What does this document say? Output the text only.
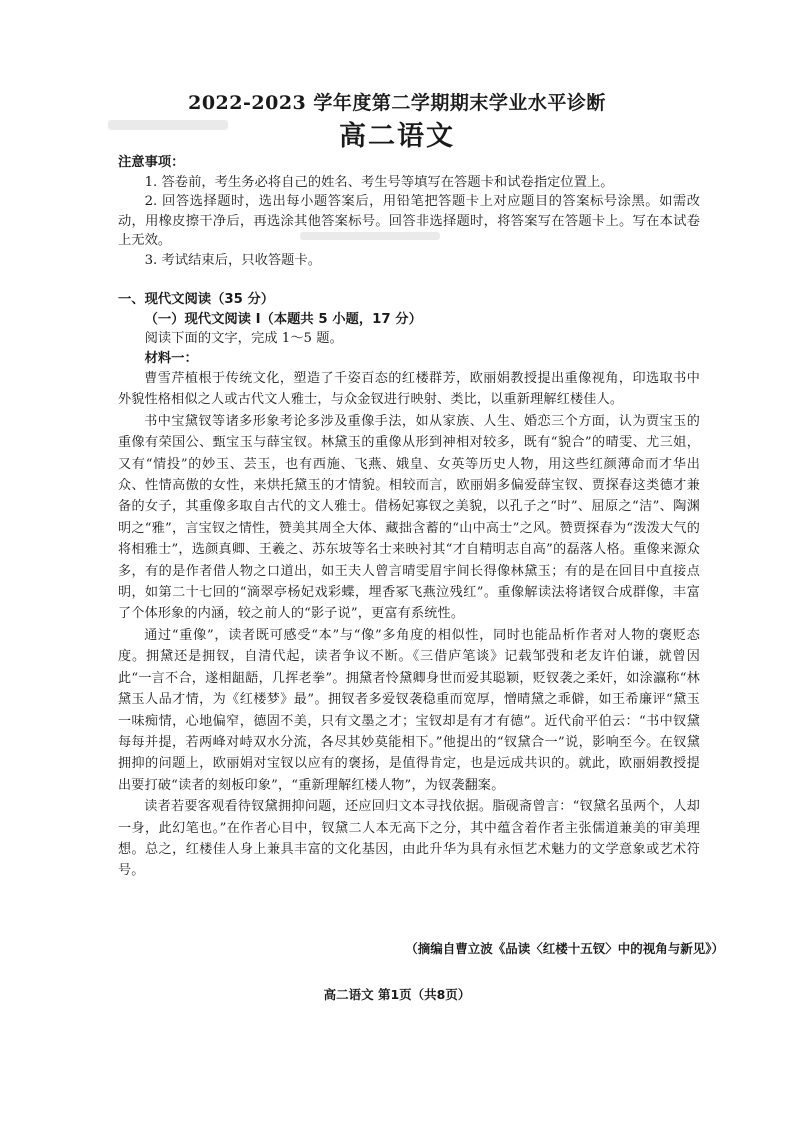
2022-2023 学年度第二学期期末学业水平诊断
高二语文
注意事项：

1. 答卷前，考生务必将自己的姓名、考生号等填写在答题卡和试卷指定位置上。

2. 回答选择题时，选出每小题答案后，用铅笔把答题卡上对应题目的答案标号涂黑。如需改动，用橡皮擦干净后，再选涂其他答案标号。回答非选择题时，将答案写在答题卡上。写在本试卷上无效。

3. 考试结束后，只收答题卡。

一、现代文阅读（35 分）

（一）现代文阅读 Ⅰ（本题共 5 小题，17 分）

阅读下面的文字，完成 1～5 题。

材料一：

曹雪芹植根于传统文化，塑造了千姿百态的红楼群芳，欧丽娟教授提出重像视角，印选取书中外貌性格相似之人或古代文人雅士，与众金钗进行映射、类比，以重新理解红楼佳人。

书中宝黛钗等诸多形象考论多涉及重像手法，如从家族、人生、婚恋三个方面，认为贾宝玉的重像有荣国公、甄宝玉与薛宝钗。林黛玉的重像从形到神相对较多，既有“貌合”的晴雯、尤三姐，又有“情投”的妙玉、芸玉，也有西施、飞燕、娥皇、女英等历史人物，用这些红颜薄命而才华出众、性情高傲的女性，来烘托黛玉的才情貌。相较而言，欧丽娟多偏爱薛宝钗、贾探春这类德才兼备的女子，其重像多取自古代的文人雅士。借杨妃寡钗之美貌，以孔子之“时”、屈原之“洁”、陶渊明之“雅”，言宝钗之情性，赞美其周全大体、藏拙含蓄的“山中高士”之风。赞贾探春为“泼泼大气的将相雅士”，选颜真卿、王羲之、苏东坡等名士来映衬其“才自精明志自高”的磊落人格。重像来源众多，有的是作者借人物之口道出，如王夫人曾言晴雯眉宇间长得像林黛玉；有的是在回目中直接点明，如第二十七回的“滴翠亭杨妃戏彩蝶，埋香冢飞燕泣残红”。重像解读法将诸钗合成群像，丰富了个体形象的内涵，较之前人的“影子说”，更富有系统性。

通过“重像”，读者既可感受“本”与“像”多角度的相似性，同时也能品析作者对人物的褒贬态度。拥黛还是拥钗，自清代起，读者争议不断。《三借庐笔谈》记载邹弢和老友许伯谦，就曾因此“一言不合，遂相龃龉，几挥老拳”。拥黛者怜黛卿身世而爱其聪颖，贬钗袭之柔奸，如涂瀛称“林黛玉人品才情，为《红楼梦》最”。拥钗者多爱钗袭稳重而宽厚，憎晴黛之乖僻，如王希廉评“黛玉一味痴情，心地偏窄，德固不美，只有文墨之才；宝钗却是有才有德”。近代俞平伯云：“书中钗黛每每并提，若两峰对峙双水分流，各尽其妙莫能相下。”他提出的“钗黛合一”说，影响至今。在钗黛拥抑的问题上，欧丽娟对宝钗以应有的褒扬，是值得肯定，也是远成共识的。就此，欧丽娟教授提出要打破“读者的刻板印象”，“重新理解红楼人物”，为钗袭翻案。

读者若要客观看待钗黛拥抑问题，还应回归文本寻找依据。脂砚斋曾言：“钗黛名虽两个，人却一身，此幻笔也。”在作者心目中，钗黛二人本无高下之分，其中蕴含着作者主张儒道兼美的审美理想。总之，红楼佳人身上兼具丰富的文化基因，由此升华为具有永恒艺术魅力的文学意象或艺术符号。

（摘编自曹立波《品读〈红楼十五钗〉中的视角与新见》）
高二语文 第1页（共8页）
